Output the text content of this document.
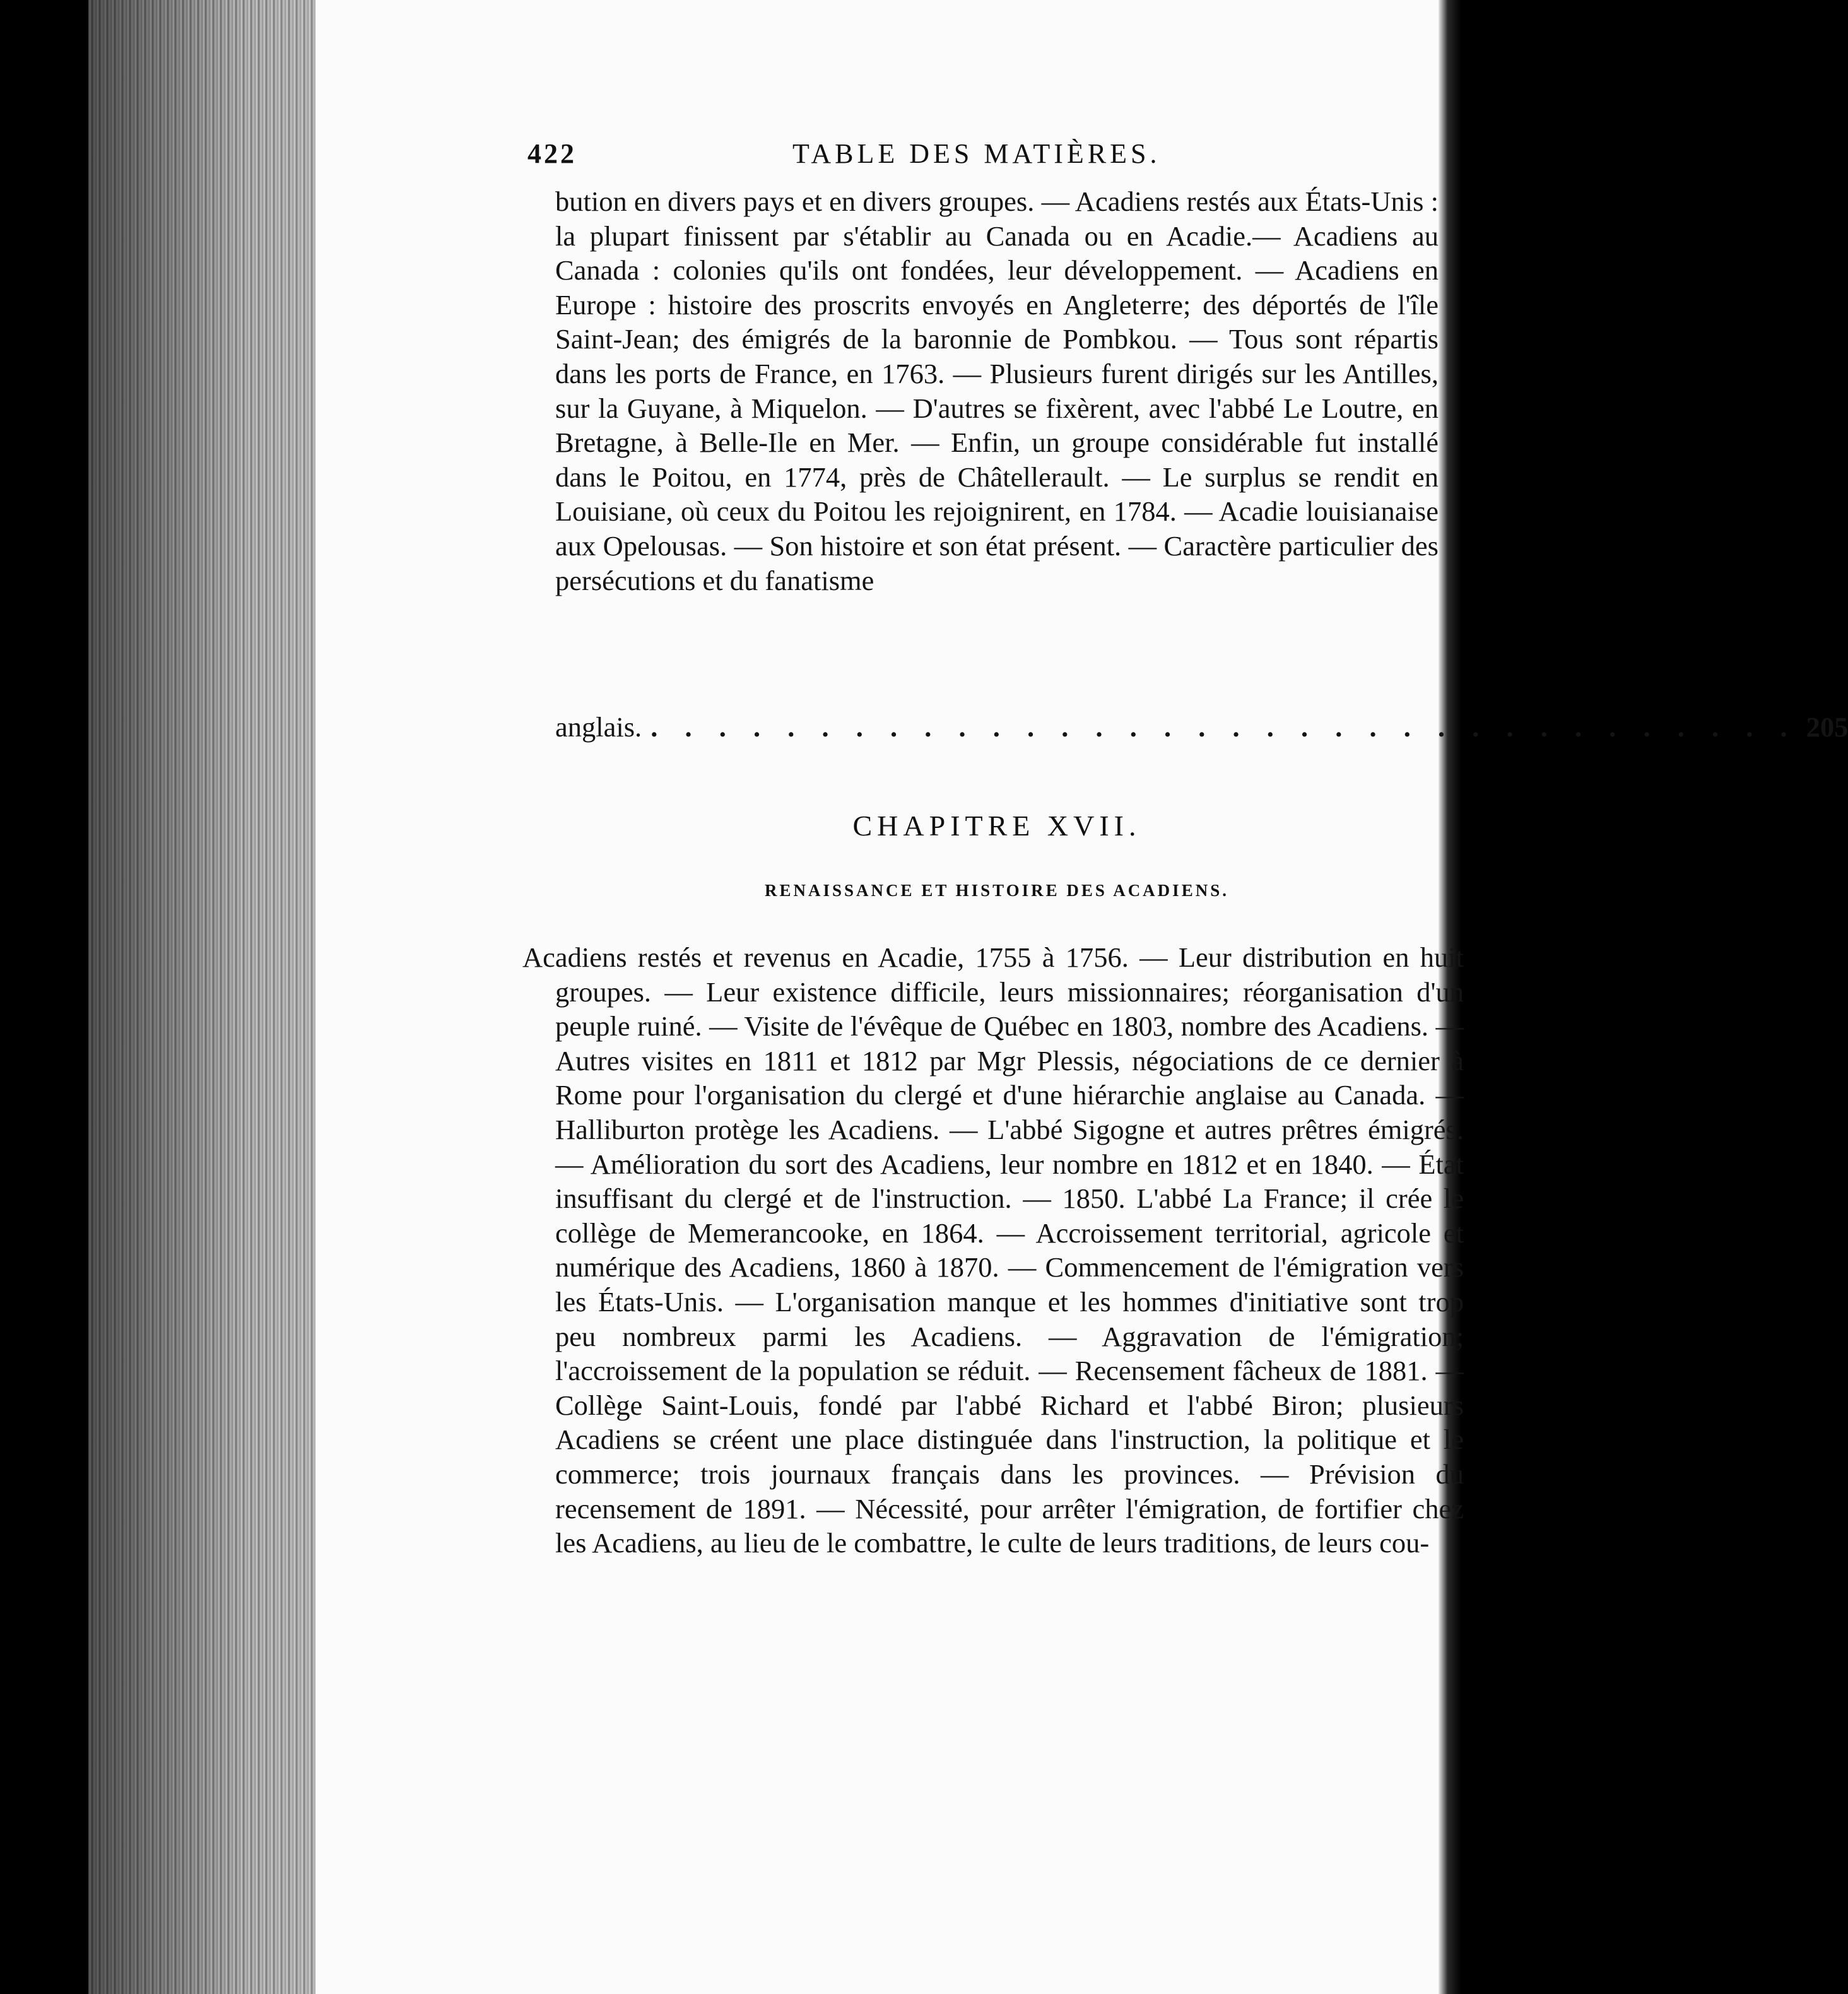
422	TABLE DES MATIÈRES.
bution en divers pays et en divers groupes. — Acadiens restés aux États-Unis : la plupart finissent par s'établir au Canada ou en Acadie.— Acadiens au Canada : colonies qu'ils ont fondées, leur développement. — Acadiens en Europe : histoire des proscrits envoyés en Angleterre; des déportés de l'île Saint-Jean; des émigrés de la baronnie de Pombkou. — Tous sont répartis dans les ports de France, en 1763. — Plusieurs furent dirigés sur les Antilles, sur la Guyane, à Miquelon. — D'autres se fixèrent, avec l'abbé Le Loutre, en Bretagne, à Belle-Ile en Mer. — Enfin, un groupe considérable fut installé dans le Poitou, en 1774, près de Châtellerault. — Le surplus se rendit en Louisiane, où ceux du Poitou les rejoignirent, en 1784. — Acadie louisianaise aux Opelousas. — Son histoire et son état présent. — Caractère particulier des persécutions et du fanatisme
anglais. . . . . . . . . . . . . . . . . . . . . . . . . . . . . . . . . . . 205
CHAPITRE XVII.
RENAISSANCE ET HISTOIRE DES ACADIENS.
Acadiens restés et revenus en Acadie, 1755 à 1756. — Leur distribution en huit groupes. — Leur existence difficile, leurs missionnaires; réorganisation d'un peuple ruiné. — Visite de l'évêque de Québec en 1803, nombre des Acadiens. — Autres visites en 1811 et 1812 par Mgr Plessis, négociations de ce dernier à Rome pour l'organisation du clergé et d'une hiérarchie anglaise au Canada. — Halliburton protège les Acadiens. — L'abbé Sigogne et autres prêtres émigrés. — Amélioration du sort des Acadiens, leur nombre en 1812 et en 1840. — État insuffisant du clergé et de l'instruction. — 1850. L'abbé La France; il crée le collège de Memerancooke, en 1864. — Accroissement territorial, agricole et numérique des Acadiens, 1860 à 1870. — Commencement de l'émigration vers les États-Unis. — L'organisation manque et les hommes d'initiative sont trop peu nombreux parmi les Acadiens. — Aggravation de l'émigration; l'accroissement de la population se réduit. — Recensement fâcheux de 1881. — Collège Saint-Louis, fondé par l'abbé Richard et l'abbé Biron; plusieurs Acadiens se créent une place distinguée dans l'instruction, la politique et le commerce; trois journaux français dans les provinces. — Prévision du recensement de 1891. — Nécessité, pour arrêter l'émigration, de fortifier chez les Acadiens, au lieu de le combattre, le culte de leurs traditions, de leurs cou-
